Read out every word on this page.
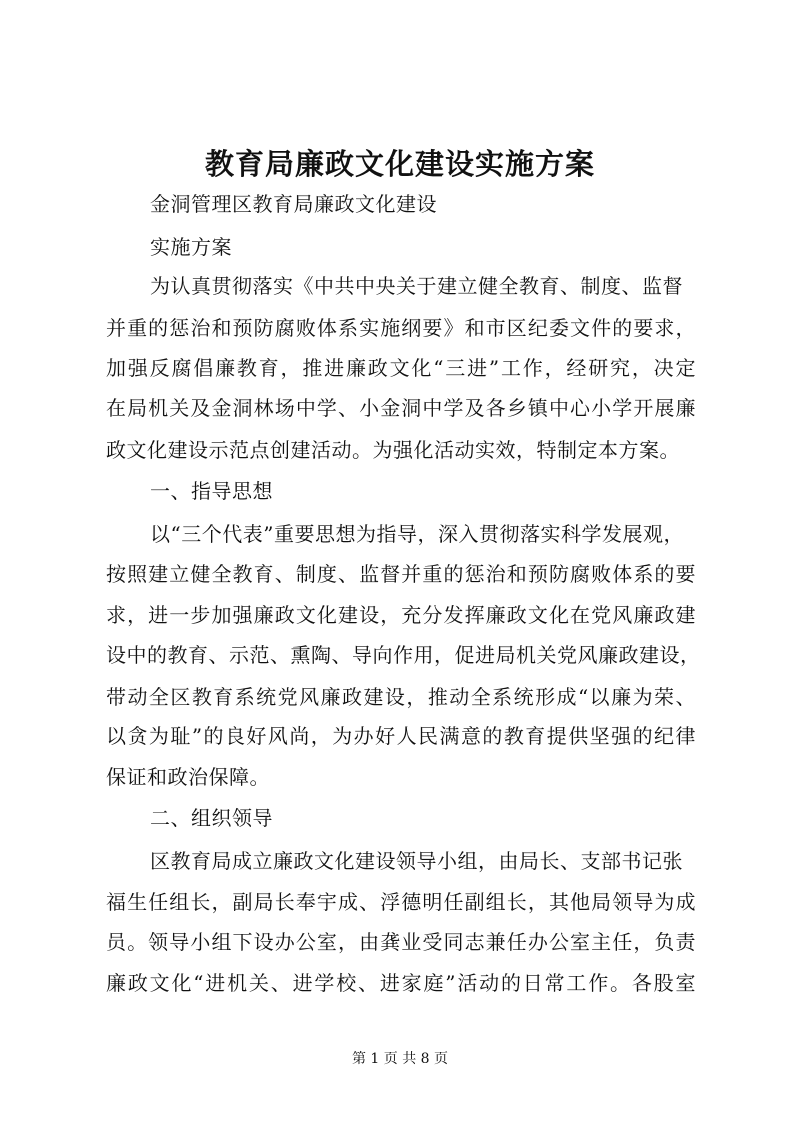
教育局廉政文化建设实施方案
金洞管理区教育局廉政文化建设
实施方案
为认真贯彻落实《中共中央关于建立健全教育、制度、监督
并重的惩治和预防腐败体系实施纲要》和市区纪委文件的要求，
加强反腐倡廉教育，推进廉政文化“三进”工作，经研究，决定
在局机关及金洞林场中学、小金洞中学及各乡镇中心小学开展廉
政文化建设示范点创建活动。为强化活动实效，特制定本方案。
一、指导思想
以“三个代表”重要思想为指导，深入贯彻落实科学发展观，
按照建立健全教育、制度、监督并重的惩治和预防腐败体系的要
求，进一步加强廉政文化建设，充分发挥廉政文化在党风廉政建
设中的教育、示范、熏陶、导向作用，促进局机关党风廉政建设，
带动全区教育系统党风廉政建设，推动全系统形成“以廉为荣、
以贪为耻”的良好风尚，为办好人民满意的教育提供坚强的纪律
保证和政治保障。
二、组织领导
区教育局成立廉政文化建设领导小组，由局长、支部书记张
福生任组长，副局长奉宇成、浮德明任副组长，其他局领导为成
员。领导小组下设办公室，由龚业受同志兼任办公室主任，负责
廉政文化“进机关、进学校、进家庭”活动的日常工作。各股室
第 1 页 共 8 页
